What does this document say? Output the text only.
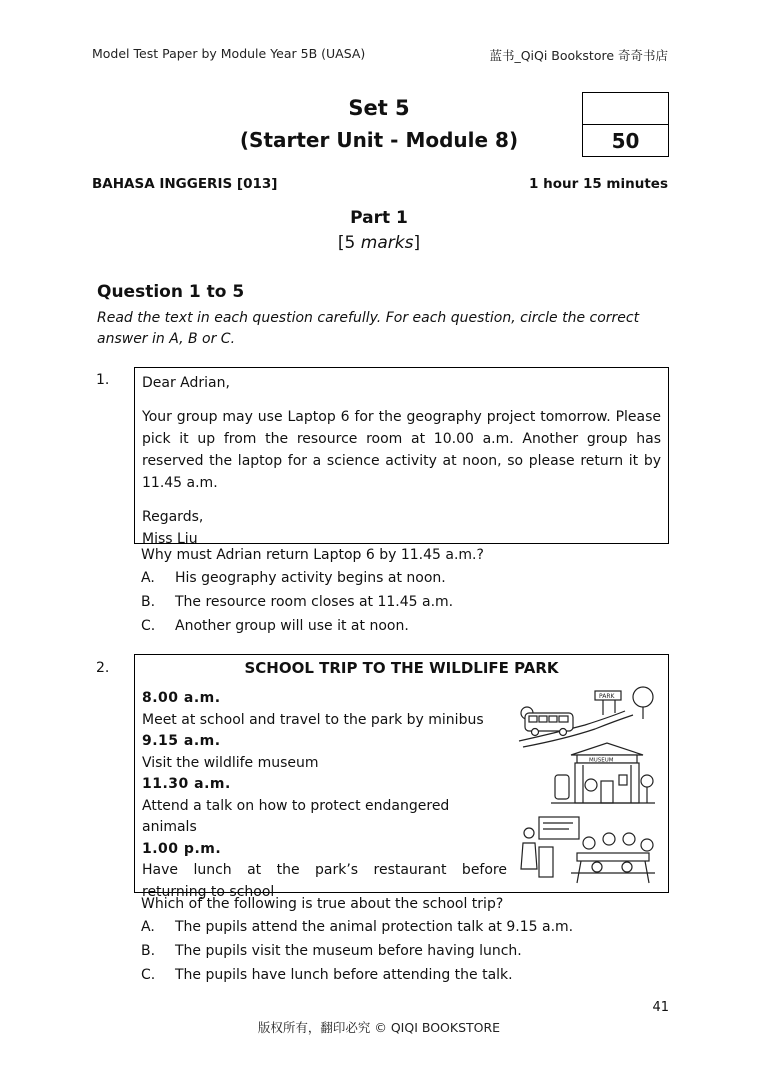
Model Test Paper by Module Year 5B (UASA)	蓝书_QiQi Bookstore 奇奇书店
Set 5
(Starter Unit - Module 8)	50
BAHASA INGGERIS [013]	1 hour 15 minutes
Part 1
[5 marks]
Question 1 to 5
Read the text in each question carefully. For each question, circle the correct answer in A, B or C.
1. Dear Adrian,

Your group may use Laptop 6 for the geography project tomorrow. Please pick it up from the resource room at 10.00 a.m. Another group has reserved the laptop for a science activity at noon, so please return it by 11.45 a.m.

Regards,

Miss Liu

Why must Adrian return Laptop 6 by 11.45 a.m.?
A. His geography activity begins at noon.
B. The resource room closes at 11.45 a.m.
C. Another group will use it at noon.
2.	SCHOOL TRIP TO THE WILDLIFE PARK
8.00 a.m.
Meet at school and travel to the park by minibus
9.15 a.m.
Visit the wildlife museum
11.30 a.m.
Attend a talk on how to protect endangered animals
1.00 p.m.
Have lunch at the park’s restaurant before
returning to school
PARK
MUSEUM
Which of the following is true about the school trip?
A. The pupils attend the animal protection talk at 9.15 a.m.
B. The pupils visit the museum before having lunch.
C. The pupils have lunch before attending the talk.
41
版权所有，翻印必究 © QIQI BOOKSTORE
